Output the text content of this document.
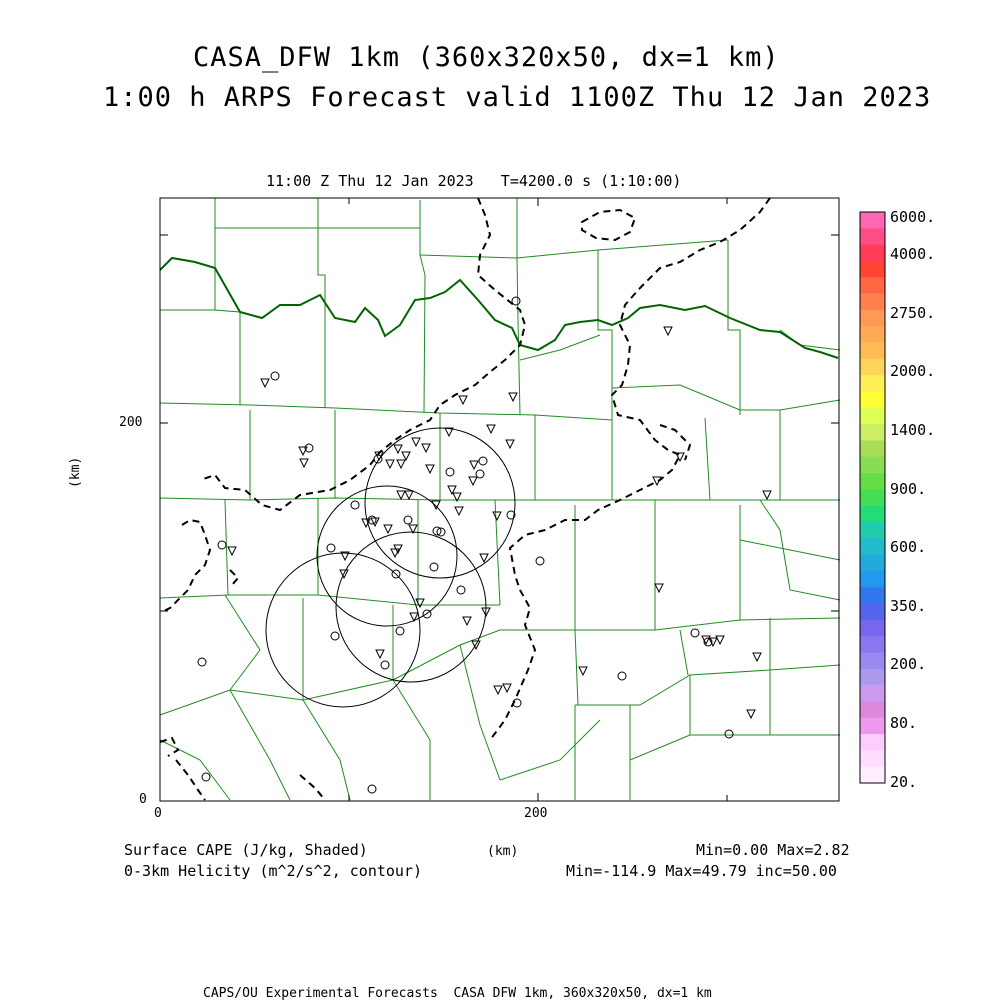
CASA_DFW 1km (360x320x50, dx=1 km)
1:00 h ARPS Forecast valid 1100Z Thu 12 Jan 2023
11:00 Z Thu 12 Jan 2023   T=4200.0 s (1:10:00)
(km)
0	200
0
200
Surface CAPE (J/kg, Shaded)
0-3km Helicity (m^2/s^2, contour)
(km)	Min=0.00 Max=2.82
Min=-114.9 Max=49.79 inc=50.00
CAPS/OU Experimental Forecasts  CASA DFW 1km, 360x320x50, dx=1 km
6000.
4000.
2750.
2000.
1400.
900.
600.
350.
200.
80.
20.
